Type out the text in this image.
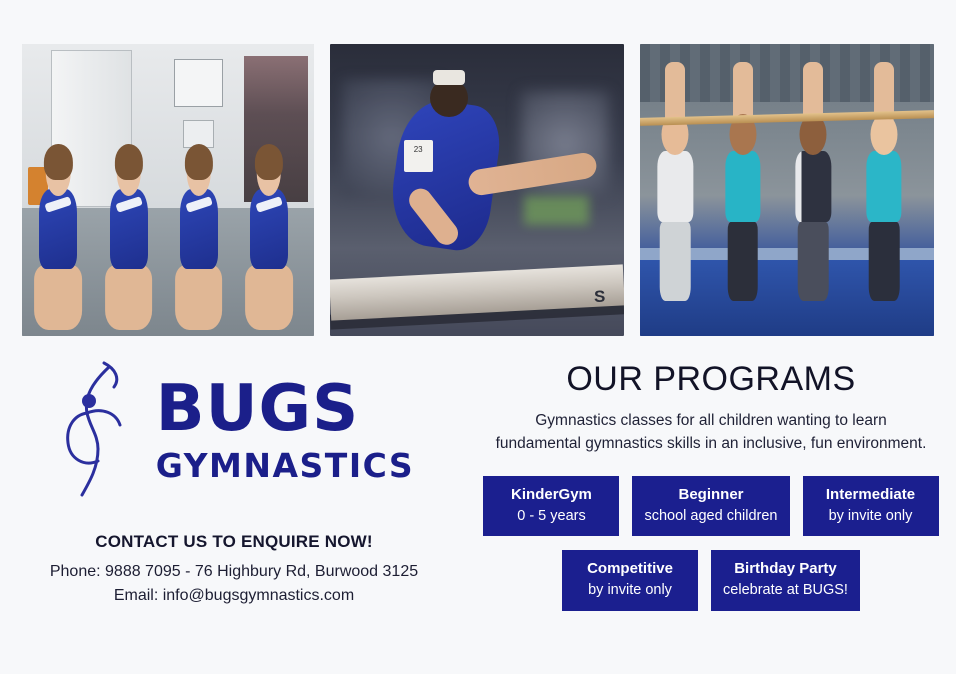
23
S
BUGS
GYMNASTICS
CONTACT US TO ENQUIRE NOW!
Phone: 9888 7095 - 76 Highbury Rd, Burwood 3125
Email: info@bugsgymnastics.com
OUR PROGRAMS
Gymnastics classes for all children wanting to learn
fundamental gymnastics skills in an inclusive, fun environment.
KinderGym
0 - 5 years
Beginner
school aged children
Intermediate
by invite only
Competitive
by invite only
Birthday Party
celebrate at BUGS!
